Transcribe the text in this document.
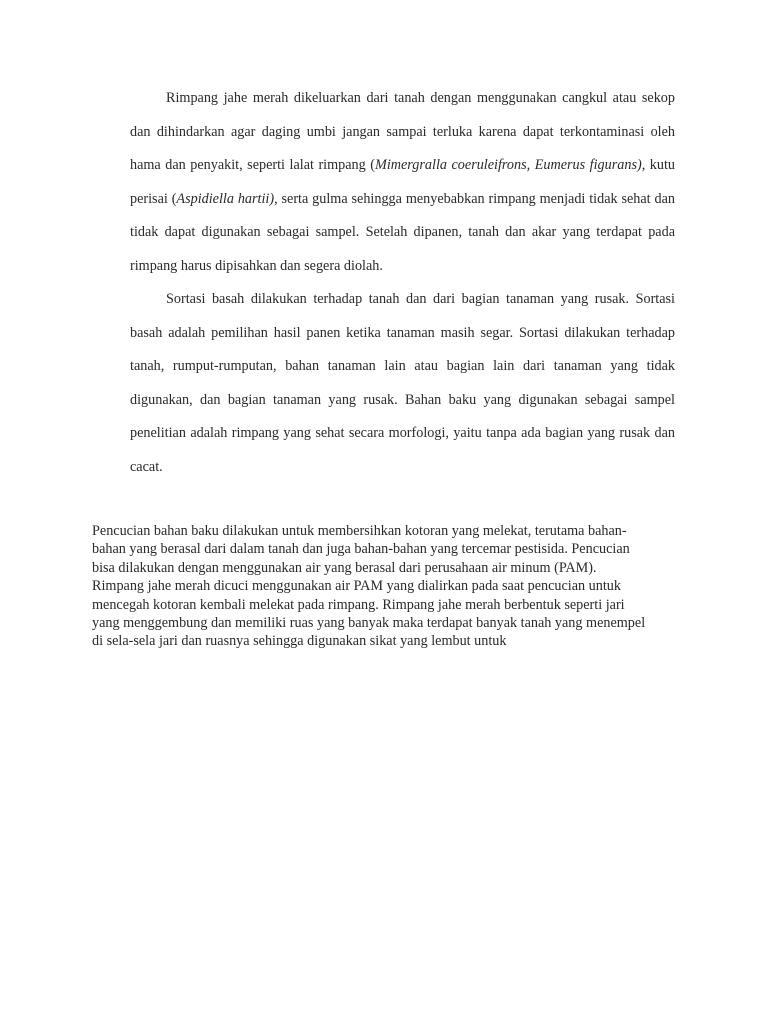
Rimpang jahe merah dikeluarkan dari tanah dengan menggunakan cangkul atau sekop dan dihindarkan agar daging umbi jangan sampai terluka karena dapat terkontaminasi oleh hama dan penyakit, seperti lalat rimpang (Mimergralla coeruleifrons, Eumerus figurans), kutu perisai (Aspidiella hartii), serta gulma sehingga menyebabkan rimpang menjadi tidak sehat dan tidak dapat digunakan sebagai sampel. Setelah dipanen, tanah dan akar yang terdapat pada rimpang harus dipisahkan dan segera diolah.

Sortasi basah dilakukan terhadap tanah dan dari bagian tanaman yang rusak. Sortasi basah adalah pemilihan hasil panen ketika tanaman masih segar. Sortasi dilakukan terhadap tanah, rumput-rumputan, bahan tanaman lain atau bagian lain dari tanaman yang tidak digunakan, dan bagian tanaman yang rusak. Bahan baku yang digunakan sebagai sampel penelitian adalah rimpang yang sehat secara morfologi, yaitu tanpa ada bagian yang rusak dan cacat.

Pencucian bahan baku dilakukan untuk membersihkan kotoran yang melekat, terutama bahan-bahan yang berasal dari dalam tanah dan juga bahan-bahan yang tercemar pestisida. Pencucian bisa dilakukan dengan menggunakan air yang berasal dari perusahaan air minum (PAM). Rimpang jahe merah dicuci menggunakan air PAM yang dialirkan pada saat pencucian untuk mencegah kotoran kembali melekat pada rimpang. Rimpang jahe merah berbentuk seperti jari yang menggembung dan memiliki ruas yang banyak maka terdapat banyak tanah yang menempel di sela-sela jari dan ruasnya sehingga digunakan sikat yang lembut untuk
